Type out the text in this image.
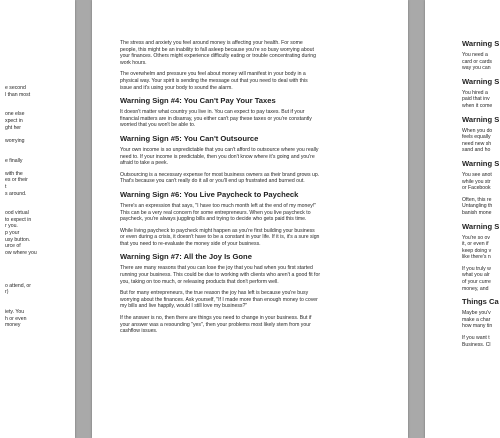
e second

l than most

one else

xpect in

ght her

worrying

e finally

with the

es or their

t

s around.

ood virtual

to expect in

r you.

p your

usy button.

urce of

ow where you

o attend, or

r)

iety. You

h or even

money

The stress and anxiety you feel around money is affecting your health. For some
people, this might be an inability to fall asleep because you're so busy worrying about
your finances. Others might experience difficulty eating or trouble concentrating during
work hours.

The overwhelm and pressure you feel about money will manifest in your body in a
physical way. Your spirit is sending the message out that you need to deal with this
issue and it's using your body to sound the alarm.

Warning Sign #4: You Can't Pay Your Taxes

It doesn't matter what country you live in. You can expect to pay taxes. But if your
financial matters are in disarray, you either can't pay these taxes or you're constantly
worried that you won't be able to.

Warning Sign #5: You Can't Outsource

Your own income is so unpredictable that you can't afford to outsource where you really
need to. If your income is predictable, then you don't know where it's going and you're
afraid to take a peek.

Outsourcing is a necessary expense for most business owners as their brand grows up.
That's because you can't really do it all or you'll end up frustrated and burned out.

Warning Sign #6: You Live Paycheck to Paycheck

There's an expression that says, "I have too much month left at the end of my money!"
This can be a very real concern for some entrepreneurs. When you live paycheck to
paycheck, you're always juggling bills and trying to decide who gets paid this time.

While living paycheck to paycheck might happen as you're first building your business
or even during a crisis, it doesn't have to be a constant in your life. If it is, it's a sure sign
that you need to re-evaluate the money side of your business.

Warning Sign #7: All the Joy Is Gone

There are many reasons that you can lose the joy that you had when you first started
running your business. This could be due to working with clients who aren't a good fit for
you, taking on too much, or releasing products that don't perform well.

But for many entrepreneurs, the true reason the joy has left is because you're busy
worrying about the finances. Ask yourself, "If I made more than enough money to cover
my bills and live happily, would I still love my business?"

If the answer is no, then there are things you need to change in your business. But if
your answer was a resounding "yes", then your problems most likely stem from your
cashflow issues.

Warning S

You need a
card or cards
way you can

Warning S

You hired a
paid that inv
when it come

Warning S

When you do
feels equally
need new sh
sand and ho

Warning S

You see anot
while you str
or Facebook

Often, this re
Untangling th
banish mone

Warning S

You're so ov
it, or even if
keep doing v
like there's n

If you truly w
what you alr
of your curre
money, and

Things Ca

Maybe you'v
make a char
how many tin

If you want t
Business. Cl
